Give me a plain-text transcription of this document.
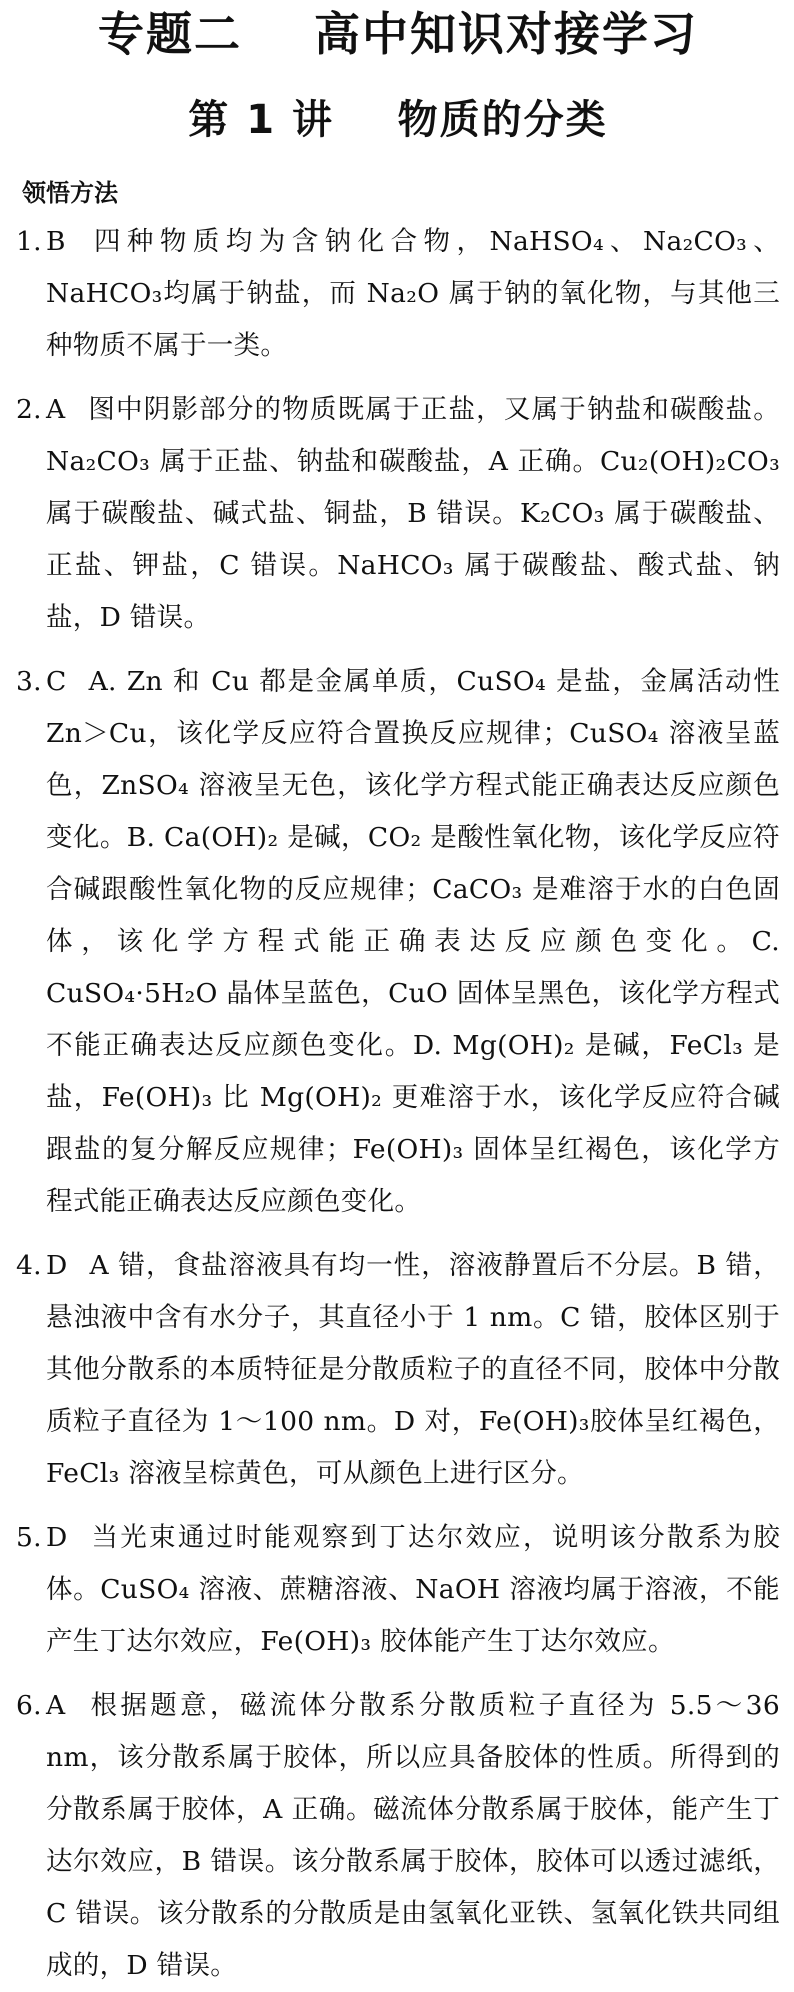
专题二    高中知识对接学习
第 1 讲    物质的分类
领悟方法
1. B 四种物质均为含钠化合物，NaHSO₄、Na₂CO₃、NaHCO₃均属于钠盐，而 Na₂O 属于钠的氧化物，与其他三种物质不属于一类。
2. A 图中阴影部分的物质既属于正盐，又属于钠盐和碳酸盐。Na₂CO₃ 属于正盐、钠盐和碳酸盐，A 正确。Cu₂(OH)₂CO₃ 属于碳酸盐、碱式盐、铜盐，B 错误。K₂CO₃ 属于碳酸盐、正盐、钾盐，C 错误。NaHCO₃ 属于碳酸盐、酸式盐、钠盐，D 错误。
3. C A. Zn 和 Cu 都是金属单质，CuSO₄ 是盐，金属活动性 Zn＞Cu，该化学反应符合置换反应规律；CuSO₄ 溶液呈蓝色，ZnSO₄ 溶液呈无色，该化学方程式能正确表达反应颜色变化。B. Ca(OH)₂ 是碱，CO₂ 是酸性氧化物，该化学反应符合碱跟酸性氧化物的反应规律；CaCO₃ 是难溶于水的白色固体，该化学方程式能正确表达反应颜色变化。C. CuSO₄·5H₂O 晶体呈蓝色，CuO 固体呈黑色，该化学方程式不能正确表达反应颜色变化。D. Mg(OH)₂ 是碱，FeCl₃ 是盐，Fe(OH)₃ 比 Mg(OH)₂ 更难溶于水，该化学反应符合碱跟盐的复分解反应规律；Fe(OH)₃ 固体呈红褐色，该化学方程式能正确表达反应颜色变化。
4. D A 错，食盐溶液具有均一性，溶液静置后不分层。B 错，悬浊液中含有水分子，其直径小于 1 nm。C 错，胶体区别于其他分散系的本质特征是分散质粒子的直径不同，胶体中分散质粒子直径为 1～100 nm。D 对，Fe(OH)₃胶体呈红褐色，FeCl₃ 溶液呈棕黄色，可从颜色上进行区分。
5. D 当光束通过时能观察到丁达尔效应，说明该分散系为胶体。CuSO₄ 溶液、蔗糖溶液、NaOH 溶液均属于溶液，不能产生丁达尔效应，Fe(OH)₃ 胶体能产生丁达尔效应。
6. A 根据题意，磁流体分散系分散质粒子直径为 5.5～36 nm，该分散系属于胶体，所以应具备胶体的性质。所得到的分散系属于胶体，A 正确。磁流体分散系属于胶体，能产生丁达尔效应，B 错误。该分散系属于胶体，胶体可以透过滤纸，C 错误。该分散系的分散质是由氢氧化亚铁、氢氧化铁共同组成的，D 错误。
